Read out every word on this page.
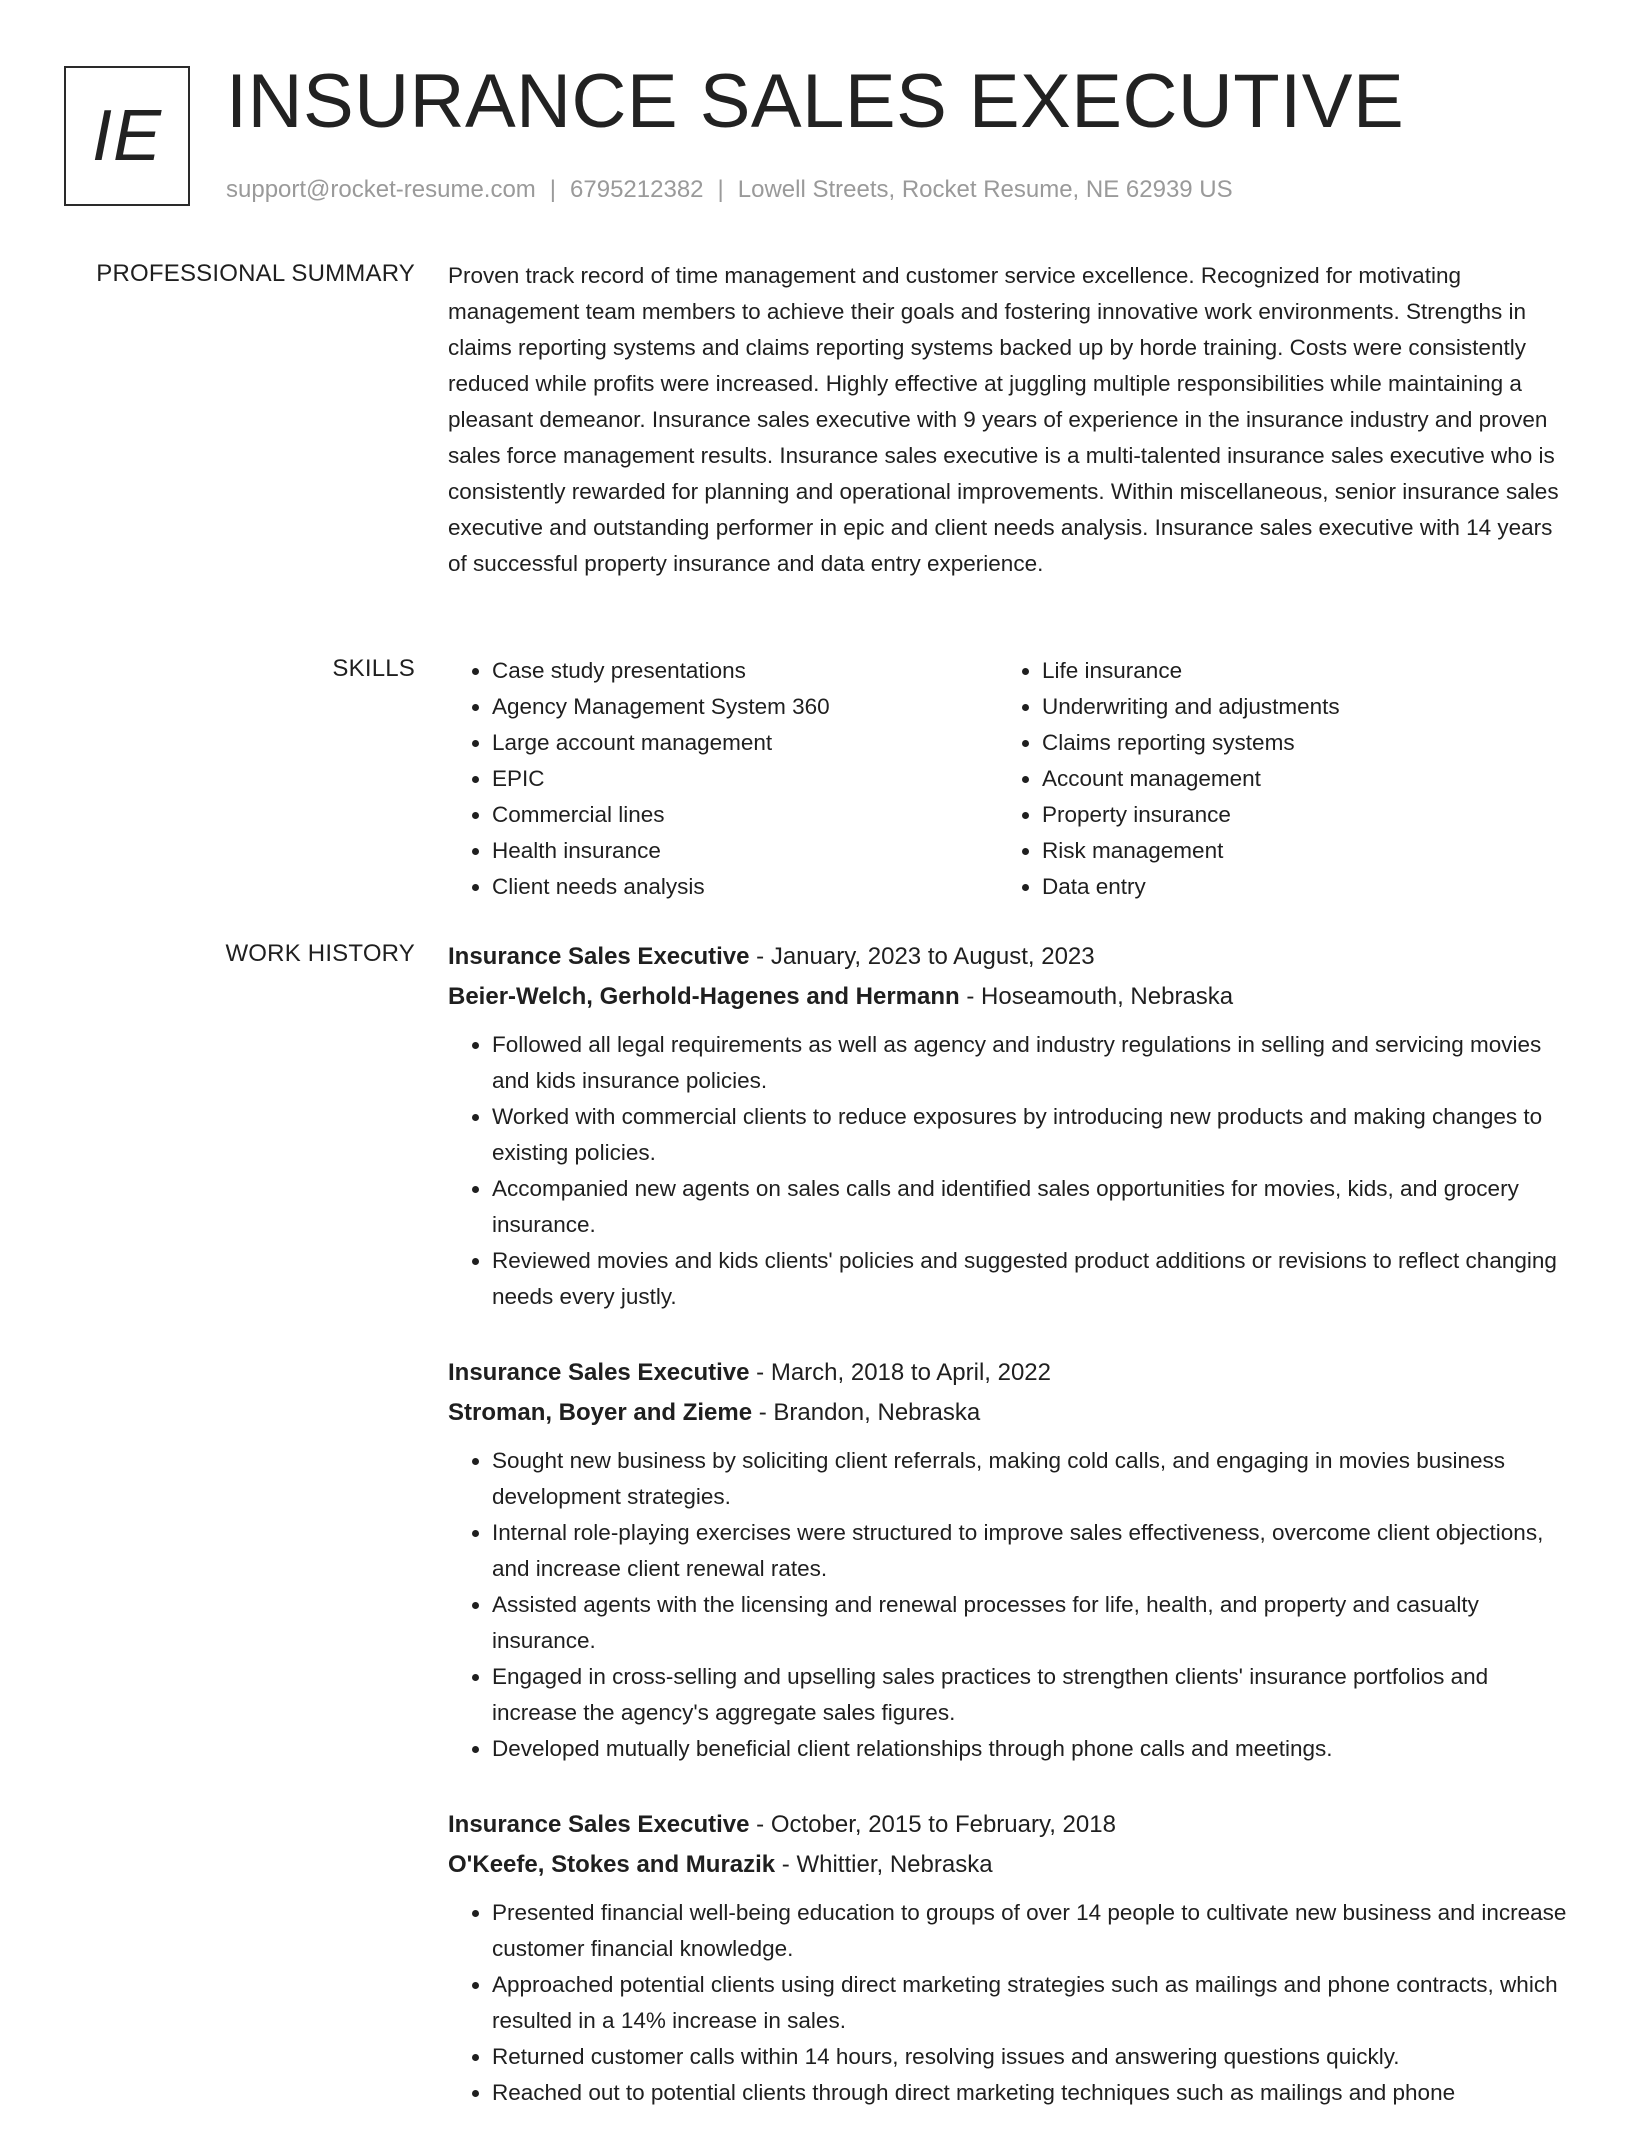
IE INSURANCE SALES EXECUTIVE
support@rocket-resume.com | 6795212382 | Lowell Streets, Rocket Resume, NE 62939 US
PROFESSIONAL SUMMARY Proven track record of time management and customer service excellence. Recognized for motivating management team members to achieve their goals and fostering innovative work environments. Strengths in claims reporting systems and claims reporting systems backed up by horde training. Costs were consistently reduced while profits were increased. Highly effective at juggling multiple responsibilities while maintaining a pleasant demeanor. Insurance sales executive with 9 years of experience in the insurance industry and proven sales force management results. Insurance sales executive is a multi-talented insurance sales executive who is consistently rewarded for planning and operational improvements. Within miscellaneous, senior insurance sales executive and outstanding performer in epic and client needs analysis. Insurance sales executive with 14 years of successful property insurance and data entry experience.

SKILLS
•	Case study presentations
• Agency Management System 360
• Large account management
• EPIC
• Commercial lines
• Health insurance
• Client needs analysis
• Life insurance
• Underwriting and adjustments
• Claims reporting systems
• Account management
• Property insurance
• Risk management
• Data entry
WORK HISTORY Insurance Sales Executive - January, 2023 to August, 2023
Beier-Welch, Gerhold-Hagenes and Hermann - Hoseamouth, Nebraska
• Followed all legal requirements as well as agency and industry regulations in selling and servicing movies and kids insurance policies.
• Worked with commercial clients to reduce exposures by introducing new products and making changes to existing policies.
• Accompanied new agents on sales calls and identified sales opportunities for movies, kids, and grocery insurance.
• Reviewed movies and kids clients' policies and suggested product additions or revisions to reflect changing needs every justly.
Insurance Sales Executive - March, 2018 to April, 2022
Stroman, Boyer and Zieme - Brandon, Nebraska
• Sought new business by soliciting client referrals, making cold calls, and engaging in movies business development strategies.
• Internal role-playing exercises were structured to improve sales effectiveness, overcome client objections, and increase client renewal rates.
• Assisted agents with the licensing and renewal processes for life, health, and property and casualty insurance.
• Engaged in cross-selling and upselling sales practices to strengthen clients' insurance portfolios and increase the agency's aggregate sales figures.
• Developed mutually beneficial client relationships through phone calls and meetings.
Insurance Sales Executive - October, 2015 to February, 2018
O'Keefe, Stokes and Murazik - Whittier, Nebraska
• Presented financial well-being education to groups of over 14 people to cultivate new business and increase customer financial knowledge.
• Approached potential clients using direct marketing strategies such as mailings and phone contracts, which resulted in a 14% increase in sales.
• Returned customer calls within 14 hours, resolving issues and answering questions quickly.
• Reached out to potential clients through direct marketing techniques such as mailings and phone
